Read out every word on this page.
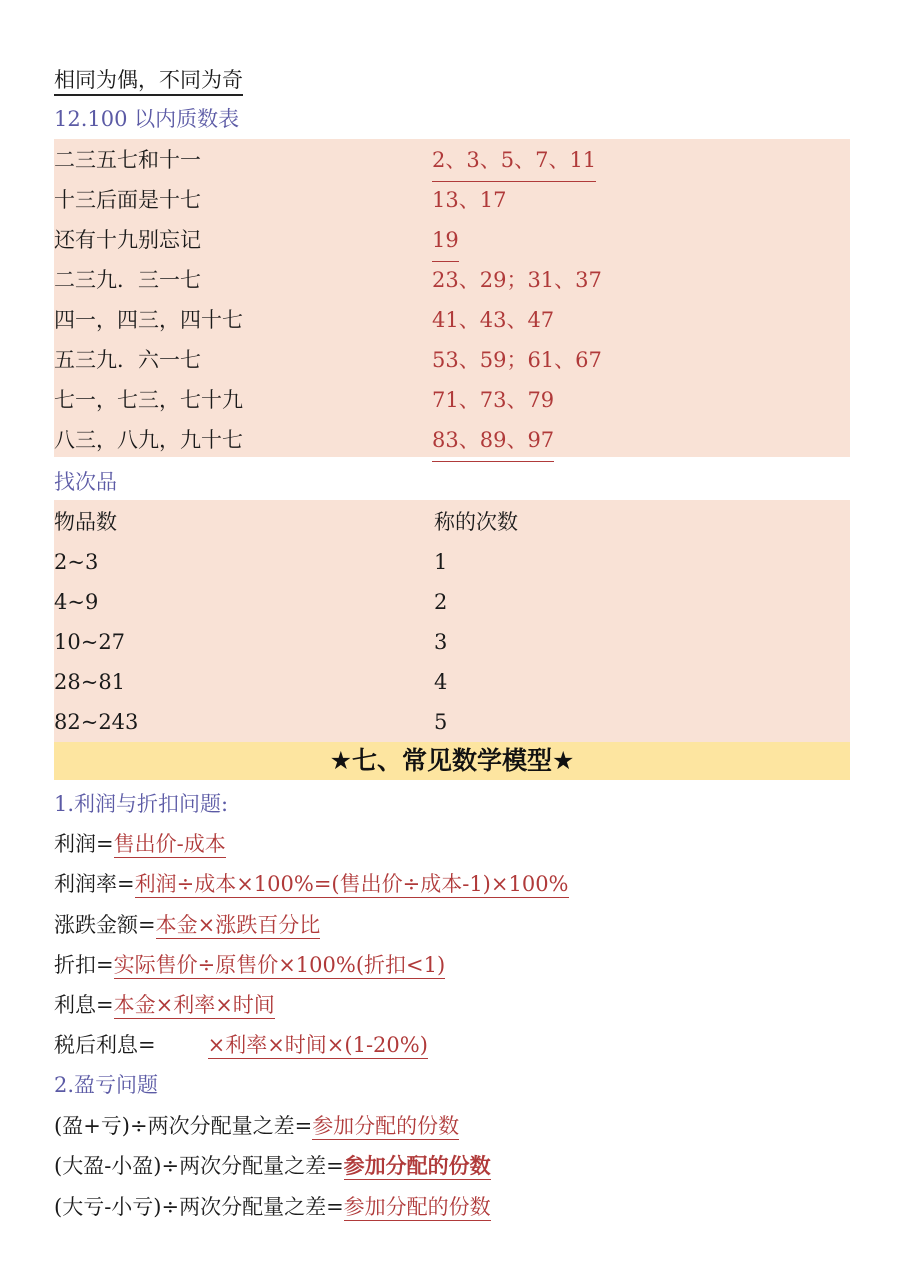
相同为偶，不同为奇
12.100 以内质数表
二三五七和十一	2、3、5、7、11
十三后面是十七	13、17
还有十九别忘记	19
二三九．三一七	23、29；31、37
四一，四三，四十七	41、43、47
五三九．六一七	53、59；61、67
七一，七三，七十九	71、73、79
八三，八九，九十七	83、89、97
找次品
物品数	称的次数
2~3	1
4~9	2
10~27	3
28~81	4
82~243	5
★七、常见数学模型★
1.利润与折扣问题:
利润=售出价-成本
利润率=利润÷成本×100%=(售出价÷成本-1)×100%
涨跌金额=本金×涨跌百分比
折扣=实际售价÷原售价×100%(折扣<1)
利息=本金×利率×时间
税后利息= ×利率×时间×(1-20%)
2.盈亏问题
(盈+亏)÷两次分配量之差=参加分配的份数
(大盈-小盈)÷两次分配量之差=参加分配的份数
(大亏-小亏)÷两次分配量之差=参加分配的份数
